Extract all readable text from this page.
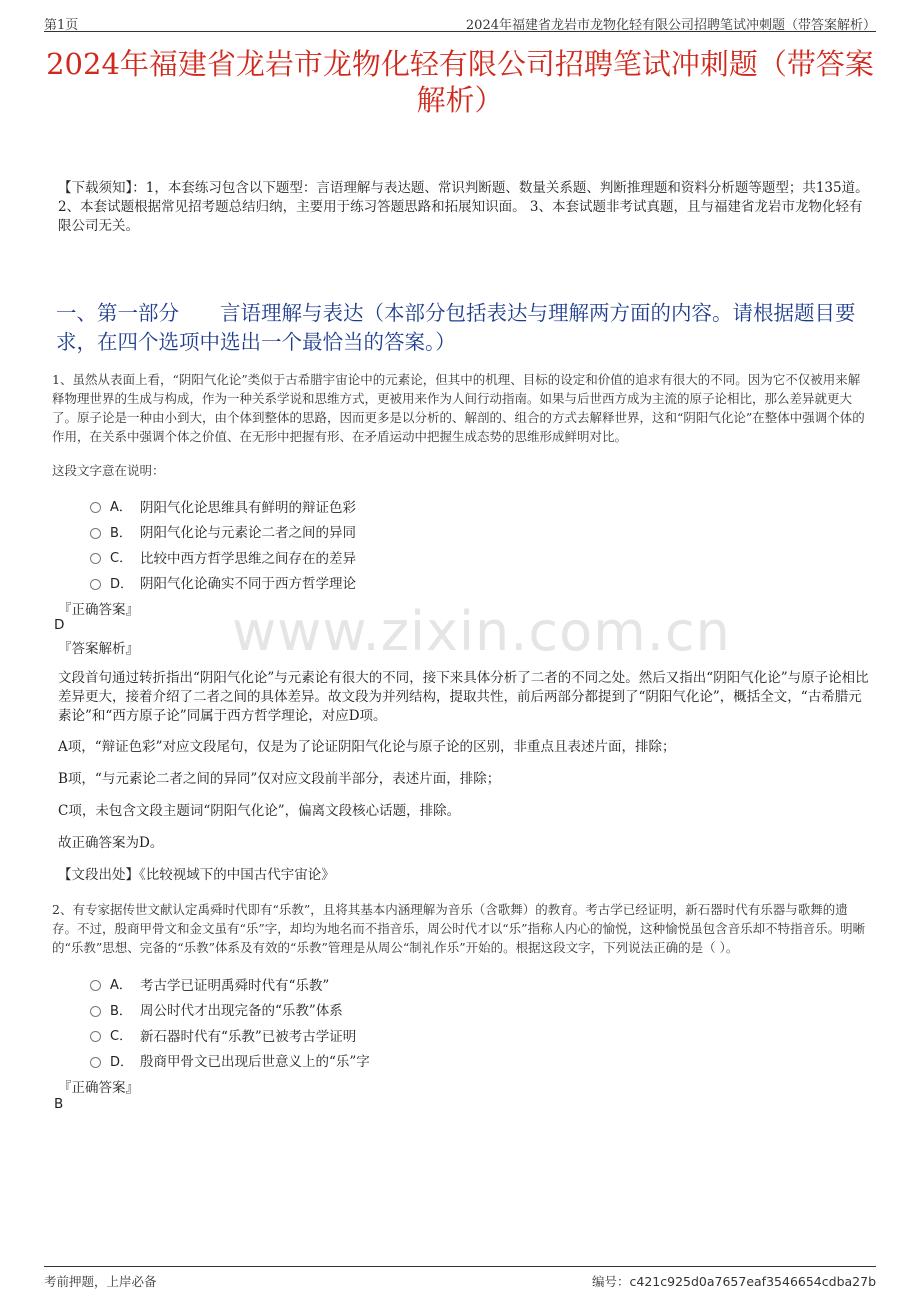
第1页	2024年福建省龙岩市龙物化轻有限公司招聘笔试冲刺题（带答案解析）
2024年福建省龙岩市龙物化轻有限公司招聘笔试冲刺题（带答案解析）
【下载须知】：1，本套练习包含以下题型：言语理解与表达题、常识判断题、数量关系题、判断推理题和资料分析题等题型；共135道。 2、本套试题根据常见招考题总结归纳，主要用于练习答题思路和拓展知识面。 3、本套试题非考试真题，且与福建省龙岩市龙物化轻有限公司无关。
一、第一部分　　言语理解与表达（本部分包括表达与理解两方面的内容。请根据题目要求，在四个选项中选出一个最恰当的答案。）
1、虽然从表面上看，“阴阳气化论”类似于古希腊宇宙论中的元素论，但其中的机理、目标的设定和价值的追求有很大的不同。因为它不仅被用来解释物理世界的生成与构成，作为一种关系学说和思维方式，更被用来作为人间行动指南。如果与后世西方成为主流的原子论相比，那么差异就更大了。原子论是一种由小到大，由个体到整体的思路，因而更多是以分析的、解剖的、组合的方式去解释世界，这和“阴阳气化论”在整体中强调个体的作用，在关系中强调个体之价值、在无形中把握有形、在矛盾运动中把握生成态势的思维形成鲜明对比。
这段文字意在说明：
A． 阴阳气化论思维具有鲜明的辩证色彩
B． 阴阳气化论与元素论二者之间的异同
C． 比较中西方哲学思维之间存在的差异
D． 阴阳气化论确实不同于西方哲学理论
『正确答案』
D
『答案解析』 www.zixin.com.cn
文段首句通过转折指出“阴阳气化论”与元素论有很大的不同，接下来具体分析了二者的不同之处。然后又指出“阴阳气化论”与原子论相比差异更大，接着介绍了二者之间的具体差异。故文段为并列结构，提取共性，前后两部分都提到了“阴阳气化论”，概括全文，“古希腊元素论”和“西方原子论”同属于西方哲学理论，对应D项。
A项，“辩证色彩”对应文段尾句，仅是为了论证阴阳气化论与原子论的区别，非重点且表述片面，排除；
B项，“与元素论二者之间的异同”仅对应文段前半部分，表述片面，排除；
C项，未包含文段主题词“阴阳气化论”，偏离文段核心话题，排除。
故正确答案为D。
【文段出处】《比较视域下的中国古代宇宙论》
2、有专家据传世文献认定禹舜时代即有“乐教”，且将其基本内涵理解为音乐（含歌舞）的教育。考古学已经证明，新石器时代有乐器与歌舞的遗存。不过，殷商甲骨文和金文虽有“乐”字，却均为地名而不指音乐，周公时代才以“乐”指称人内心的愉悦，这种愉悦虽包含音乐却不特指音乐。明晰的“乐教”思想、完备的“乐教”体系及有效的“乐教”管理是从周公“制礼作乐”开始的。根据这段文字，下列说法正确的是（ ）。
A． 考古学已证明禹舜时代有“乐教”
B． 周公时代才出现完备的“乐教”体系
C． 新石器时代有“乐教”已被考古学证明
D． 殷商甲骨文已出现后世意义上的“乐”字
『正确答案』
B
考前押题，上岸必备	编号：c421c925d0a7657eaf3546654cdba27b
